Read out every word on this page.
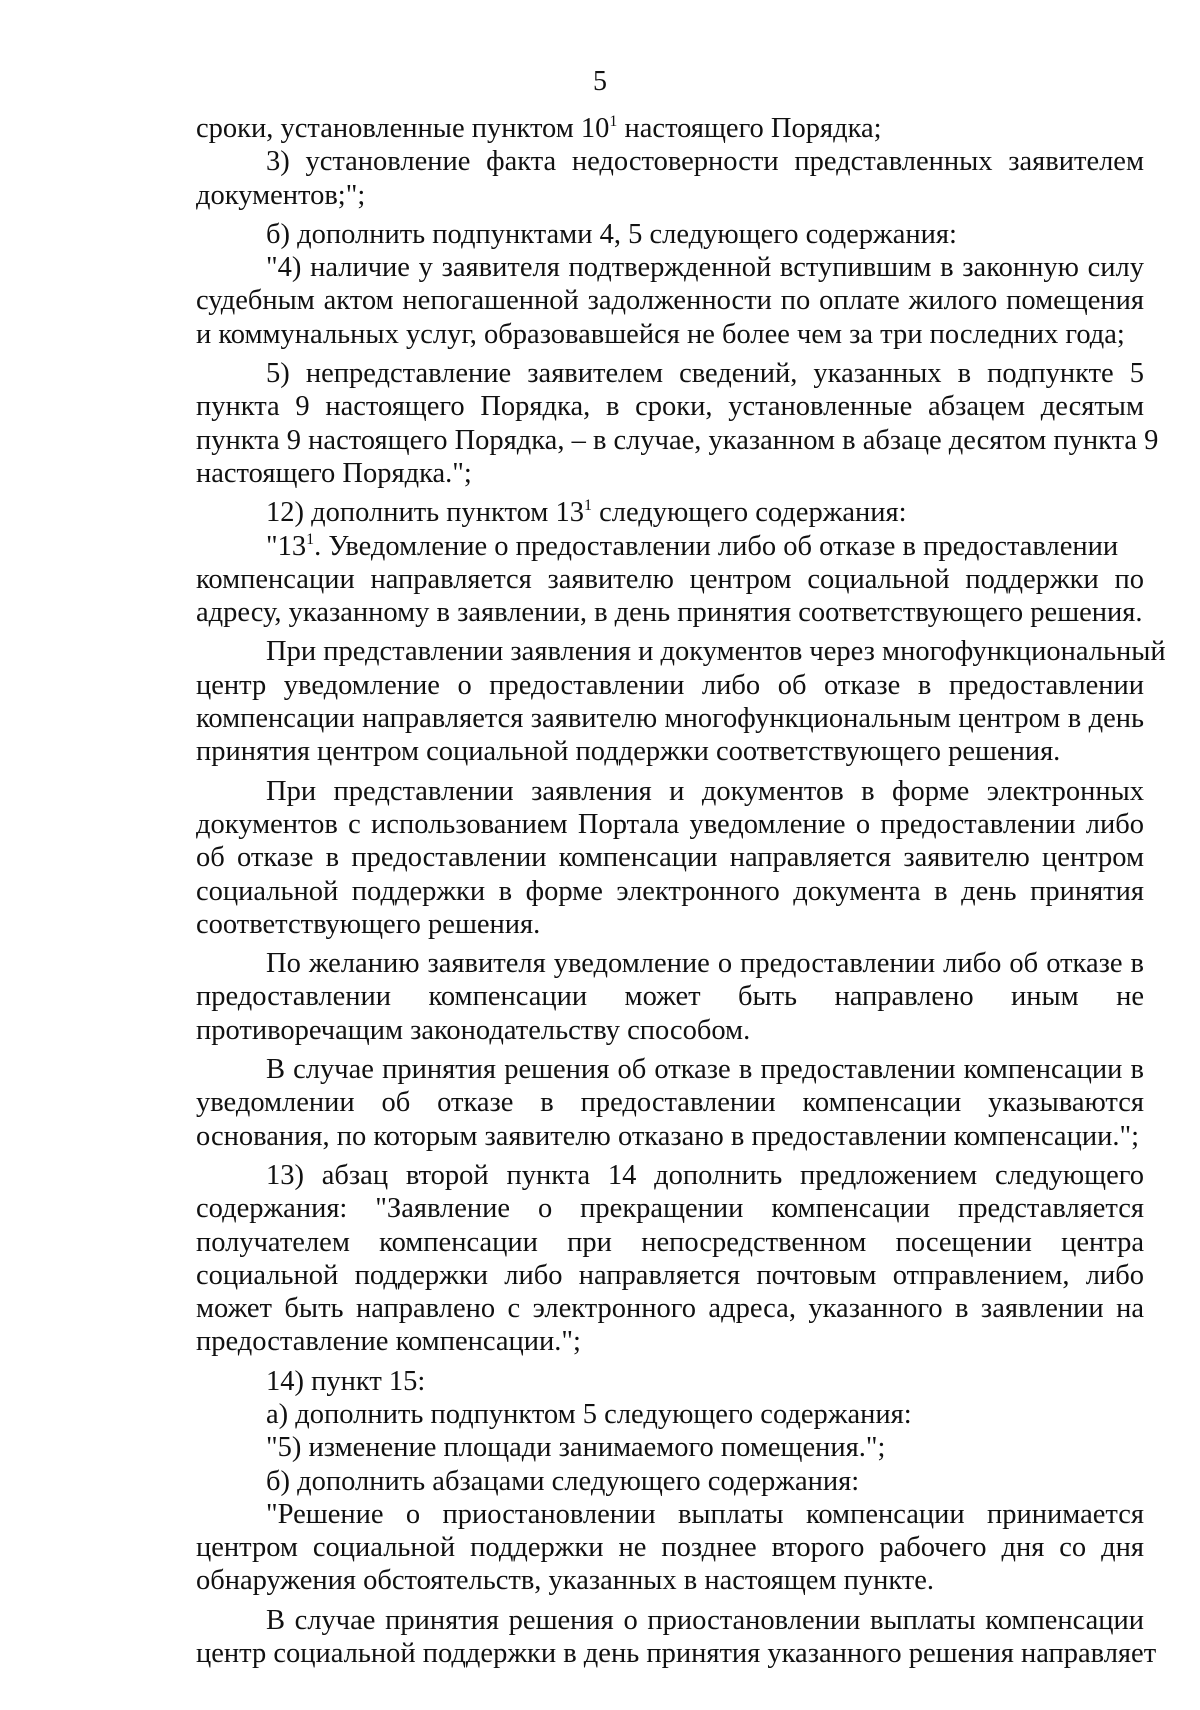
5
сроки, установленные пунктом $10^1$ настоящего Порядка;
3) установление факта недостоверности представленных заявителем
документов;";
б) дополнить подпунктами 4, 5 следующего содержания:
"4) наличие у заявителя подтвержденной вступившим в законную силу
судебным актом непогашенной задолженности по оплате жилого помещения
и коммунальных услуг, образовавшейся не более чем за три последних года;
5) непредставление заявителем сведений, указанных в подпункте 5
пункта 9 настоящего Порядка, в сроки, установленные абзацем десятым
пункта 9 настоящего Порядка, – в случае, указанном в абзаце десятом пункта 9
настоящего Порядка.";
12) дополнить пунктом $13^1$ следующего содержания:
"$13^1$. Уведомление о предоставлении либо об отказе в предоставлении
компенсации направляется заявителю центром социальной поддержки по
адресу, указанному в заявлении, в день принятия соответствующего решения.
При представлении заявления и документов через многофункциональный
центр уведомление о предоставлении либо об отказе в предоставлении
компенсации направляется заявителю многофункциональным центром в день
принятия центром социальной поддержки соответствующего решения.
При представлении заявления и документов в форме электронных
документов с использованием Портала уведомление о предоставлении либо
об отказе в предоставлении компенсации направляется заявителю центром
социальной поддержки в форме электронного документа в день принятия
соответствующего решения.
По желанию заявителя уведомление о предоставлении либо об отказе в
предоставлении компенсации может быть направлено иным не
противоречащим законодательству способом.
В случае принятия решения об отказе в предоставлении компенсации в
уведомлении об отказе в предоставлении компенсации указываются
основания, по которым заявителю отказано в предоставлении компенсации.";
13) абзац второй пункта 14 дополнить предложением следующего
содержания: "Заявление о прекращении компенсации представляется
получателем компенсации при непосредственном посещении центра
социальной поддержки либо направляется почтовым отправлением, либо
может быть направлено с электронного адреса, указанного в заявлении на
предоставление компенсации.";
14) пункт 15:
а) дополнить подпунктом 5 следующего содержания:
"5) изменение площади занимаемого помещения.";
б) дополнить абзацами следующего содержания:
"Решение о приостановлении выплаты компенсации принимается
центром социальной поддержки не позднее второго рабочего дня со дня
обнаружения обстоятельств, указанных в настоящем пункте.
В случае принятия решения о приостановлении выплаты компенсации
центр социальной поддержки в день принятия указанного решения направляет
